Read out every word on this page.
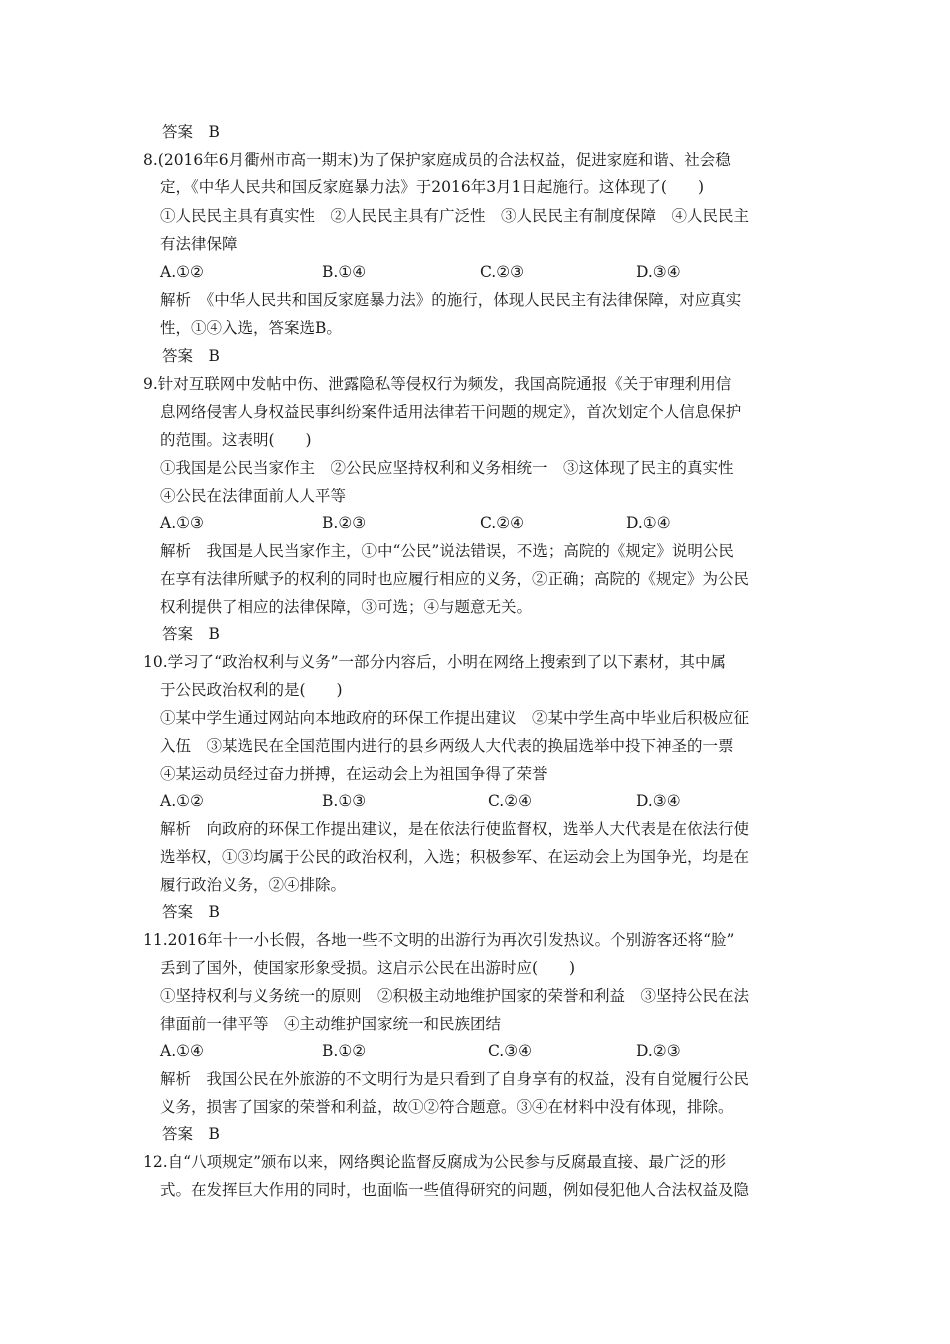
答案　B
8.(2016年6月衢州市高一期末)为了保护家庭成员的合法权益，促进家庭和谐、社会稳
定，《中华人民共和国反家庭暴力法》于2016年3月1日起施行。这体现了(　　)
①人民民主具有真实性　②人民民主具有广泛性　③人民民主有制度保障　④人民民主
有法律保障
A.①②	B.①④	C.②③	D.③④
解析　《中华人民共和国反家庭暴力法》的施行，体现人民民主有法律保障，对应真实
性，①④入选，答案选B。
答案　B
9.针对互联网中发帖中伤、泄露隐私等侵权行为频发，我国高院通报《关于审理利用信
息网络侵害人身权益民事纠纷案件适用法律若干问题的规定》，首次划定个人信息保护
的范围。这表明(　　)
①我国是公民当家作主　②公民应坚持权利和义务相统一　③这体现了民主的真实性
④公民在法律面前人人平等
A.①③	B.②③	C.②④	D.①④
解析　我国是人民当家作主，①中“公民”说法错误，不选；高院的《规定》说明公民
在享有法律所赋予的权利的同时也应履行相应的义务，②正确；高院的《规定》为公民
权利提供了相应的法律保障，③可选；④与题意无关。
答案　B
10.学习了“政治权利与义务”一部分内容后，小明在网络上搜索到了以下素材，其中属
于公民政治权利的是(　　)
①某中学生通过网站向本地政府的环保工作提出建议　②某中学生高中毕业后积极应征
入伍　③某选民在全国范围内进行的县乡两级人大代表的换届选举中投下神圣的一票
④某运动员经过奋力拼搏，在运动会上为祖国争得了荣誉
A.①②	B.①③	C.②④	D.③④
解析　向政府的环保工作提出建议，是在依法行使监督权，选举人大代表是在依法行使
选举权，①③均属于公民的政治权利，入选；积极参军、在运动会上为国争光，均是在
履行政治义务，②④排除。
答案　B
11.2016年十一小长假，各地一些不文明的出游行为再次引发热议。个别游客还将“脸”
丢到了国外，使国家形象受损。这启示公民在出游时应(　　)
①坚持权利与义务统一的原则　②积极主动地维护国家的荣誉和利益　③坚持公民在法
律面前一律平等　④主动维护国家统一和民族团结
A.①④	B.①②	C.③④	D.②③
解析　我国公民在外旅游的不文明行为是只看到了自身享有的权益，没有自觉履行公民
义务，损害了国家的荣誉和利益，故①②符合题意。③④在材料中没有体现，排除。
答案　B
12.自“八项规定”颁布以来，网络舆论监督反腐成为公民参与反腐最直接、最广泛的形
式。在发挥巨大作用的同时，也面临一些值得研究的问题，例如侵犯他人合法权益及隐
